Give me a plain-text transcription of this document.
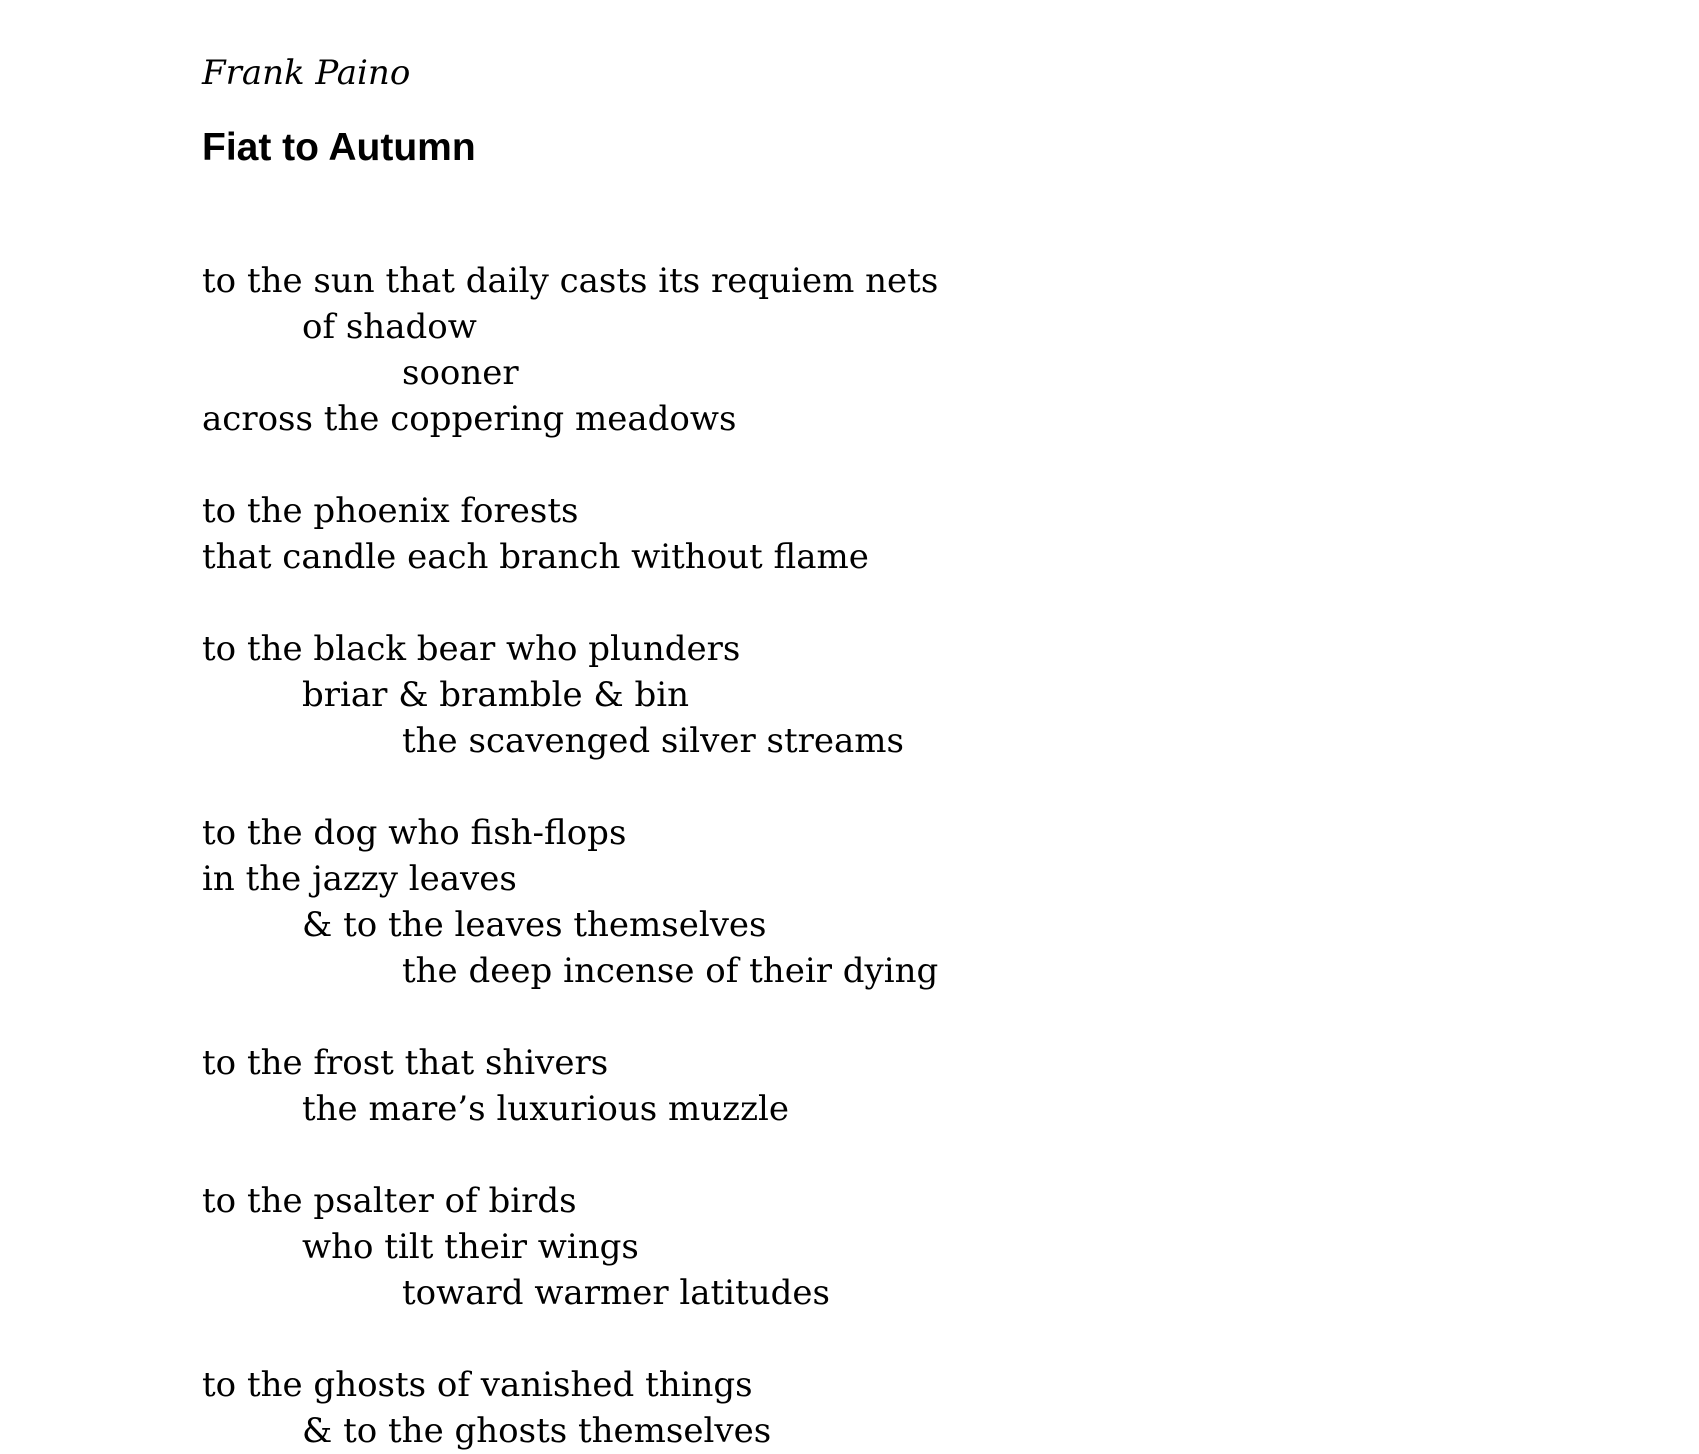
Frank Paino
Fiat to Autumn
to the sun that daily casts its requiem nets
of shadow
sooner
across the coppering meadows
to the phoenix forests
that candle each branch without flame
to the black bear who plunders
briar & bramble & bin
the scavenged silver streams
to the dog who fish-flops
in the jazzy leaves
& to the leaves themselves
the deep incense of their dying
to the frost that shivers
the mare’s luxurious muzzle
to the psalter of birds
who tilt their wings
toward warmer latitudes
to the ghosts of vanished things
& to the ghosts themselves
